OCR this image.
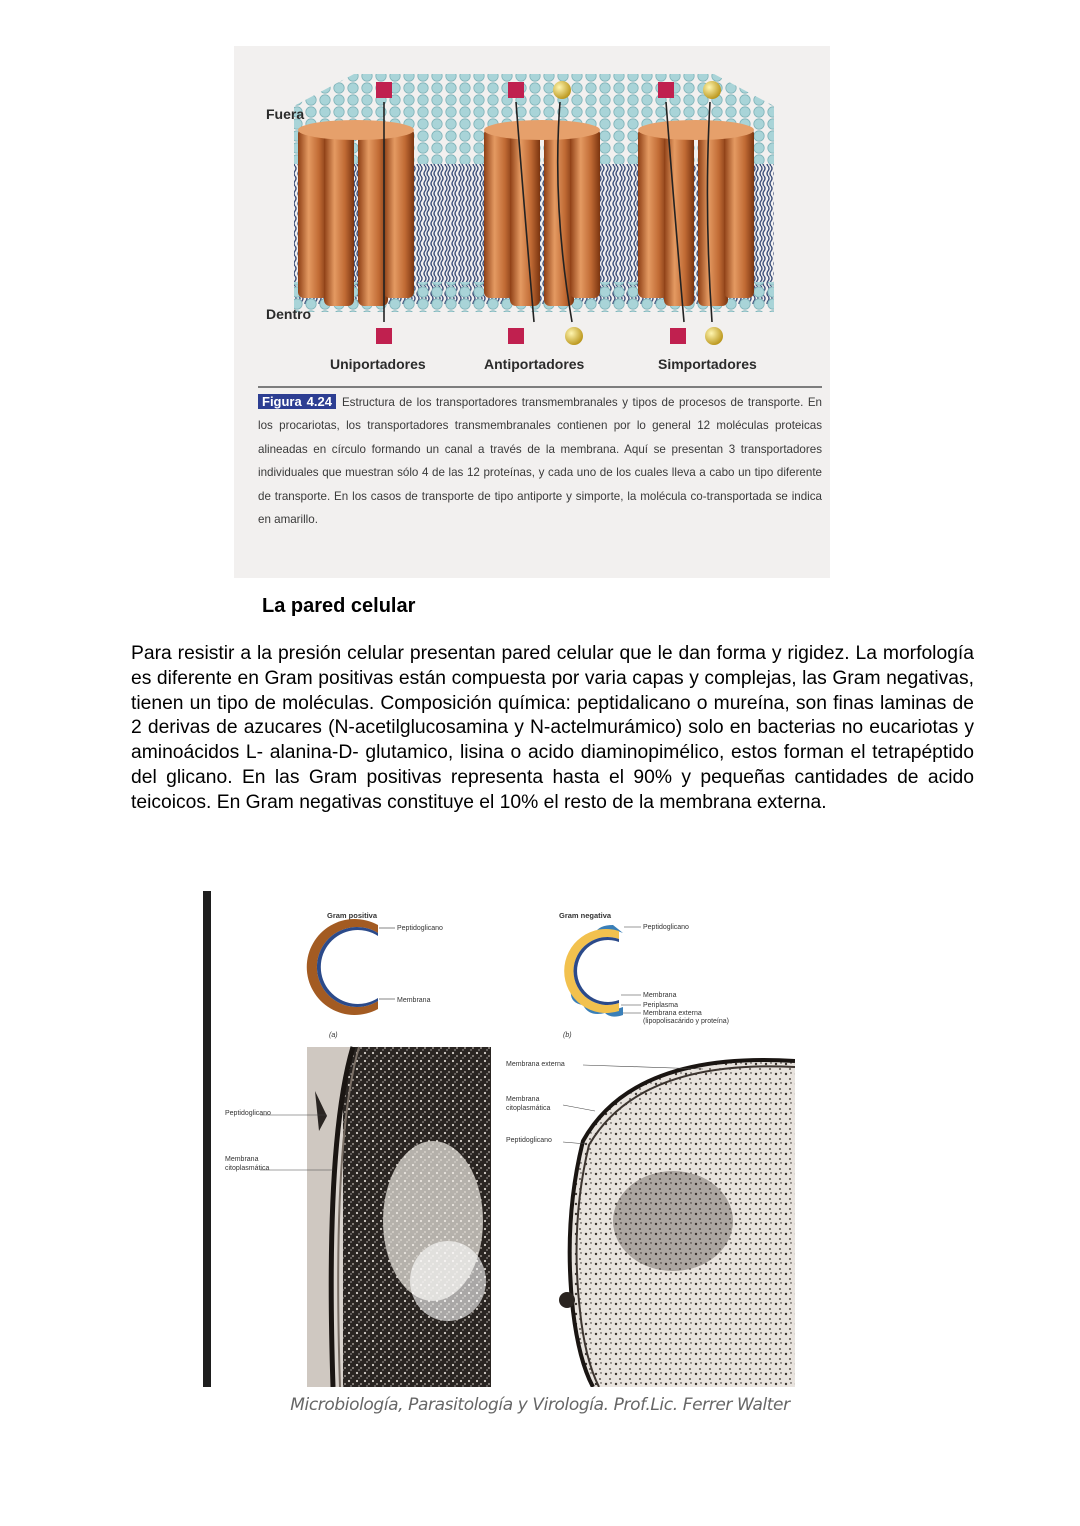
Fuera
Dentro
Uniportadores	Antiportadores	Simportadores
Figura 4.24 Estructura de los transportadores transmembranales y tipos de procesos de transporte. En los procariotas, los transportadores transmembranales contienen por lo general 12 moléculas proteicas alineadas en círculo formando un canal a través de la membrana. Aquí se presentan 3 transportadores individuales que muestran sólo 4 de las 12 proteínas, y cada uno de los cuales lleva a cabo un tipo diferente de transporte. En los casos de transporte de tipo antiporte y simporte, la molécula co-transportada se indica en amarillo.
La pared celular
Para resistir a la presión celular presentan pared celular que le dan forma y rigidez. La morfología es diferente en Gram positivas están compuesta por varia capas y complejas, las Gram negativas, tienen un tipo de moléculas. Composición química: peptidalicano o mureína, son finas laminas de 2 derivas de azucares (N-acetilglucosamina y N-actelmurámico) solo en bacterias no eucariotas y aminoácidos L- alanina-D- glutamico, lisina o acido diaminopimélico, estos forman el tetrapéptido del glicano. En las Gram positivas representa hasta el 90% y pequeñas cantidades de acido teicoicos. En Gram negativas constituye el 10% el resto de la membrana externa.
Gram positiva
Peptidoglicano
Membrana
(a)
Gram negativa
Peptidoglicano
Membrana
Periplasma
Membrana externa
(lipopolisacárido y proteína)
(b)
Peptidoglicano
Membrana
citoplasmática
Membrana externa
Membrana
citoplasmática
Peptidoglicano
Microbiología, Parasitología y Virología. Prof.Lic. Ferrer Walter
